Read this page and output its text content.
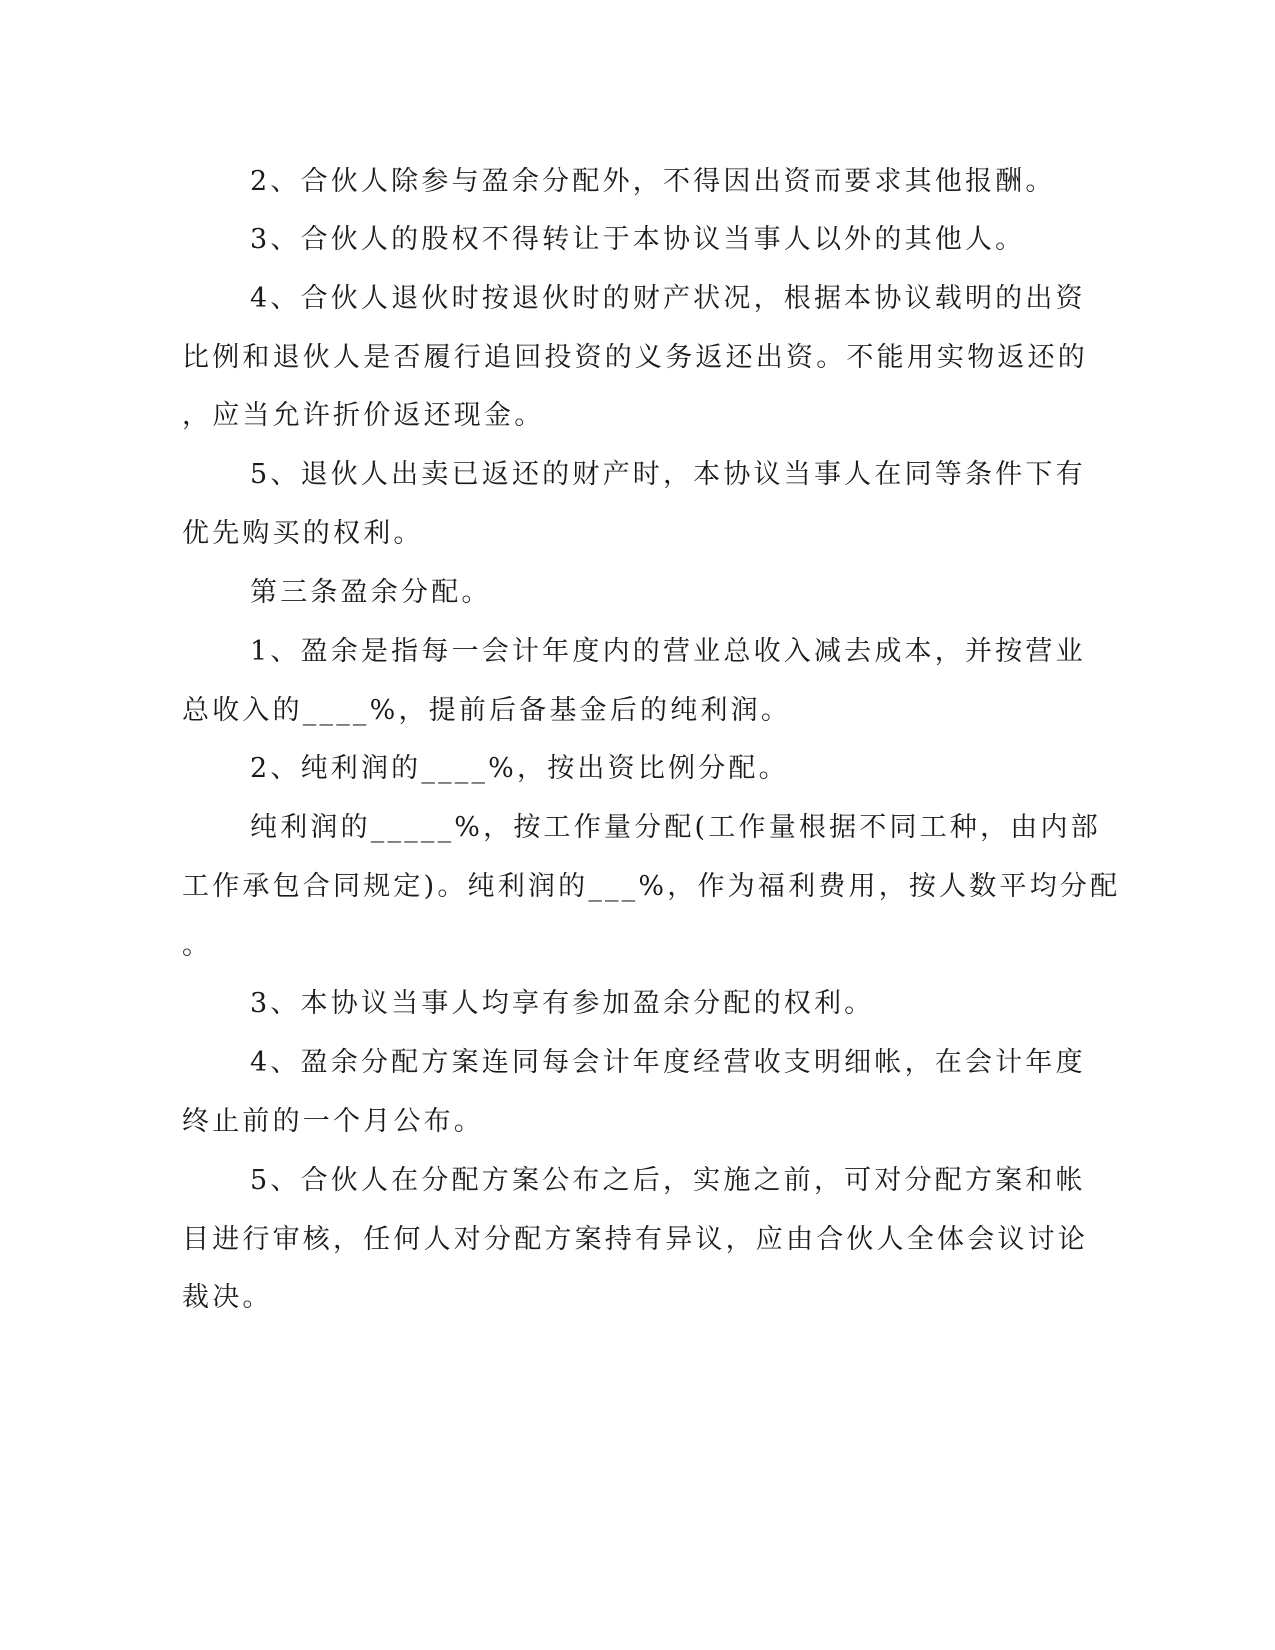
2、合伙人除参与盈余分配外，不得因出资而要求其他报酬。
3、合伙人的股权不得转让于本协议当事人以外的其他人。
4、合伙人退伙时按退伙时的财产状况，根据本协议载明的出资
比例和退伙人是否履行追回投资的义务返还出资。不能用实物返还的
，应当允许折价返还现金。
5、退伙人出卖已返还的财产时，本协议当事人在同等条件下有
优先购买的权利。
第三条盈余分配。
1、盈余是指每一会计年度内的营业总收入减去成本，并按营业
总收入的____%，提前后备基金后的纯利润。
2、纯利润的____%，按出资比例分配。
纯利润的_____%，按工作量分配(工作量根据不同工种，由内部
工作承包合同规定)。纯利润的___%，作为福利费用，按人数平均分配
。
3、本协议当事人均享有参加盈余分配的权利。
4、盈余分配方案连同每会计年度经营收支明细帐，在会计年度
终止前的一个月公布。
5、合伙人在分配方案公布之后，实施之前，可对分配方案和帐
目进行审核，任何人对分配方案持有异议，应由合伙人全体会议讨论
裁决。
